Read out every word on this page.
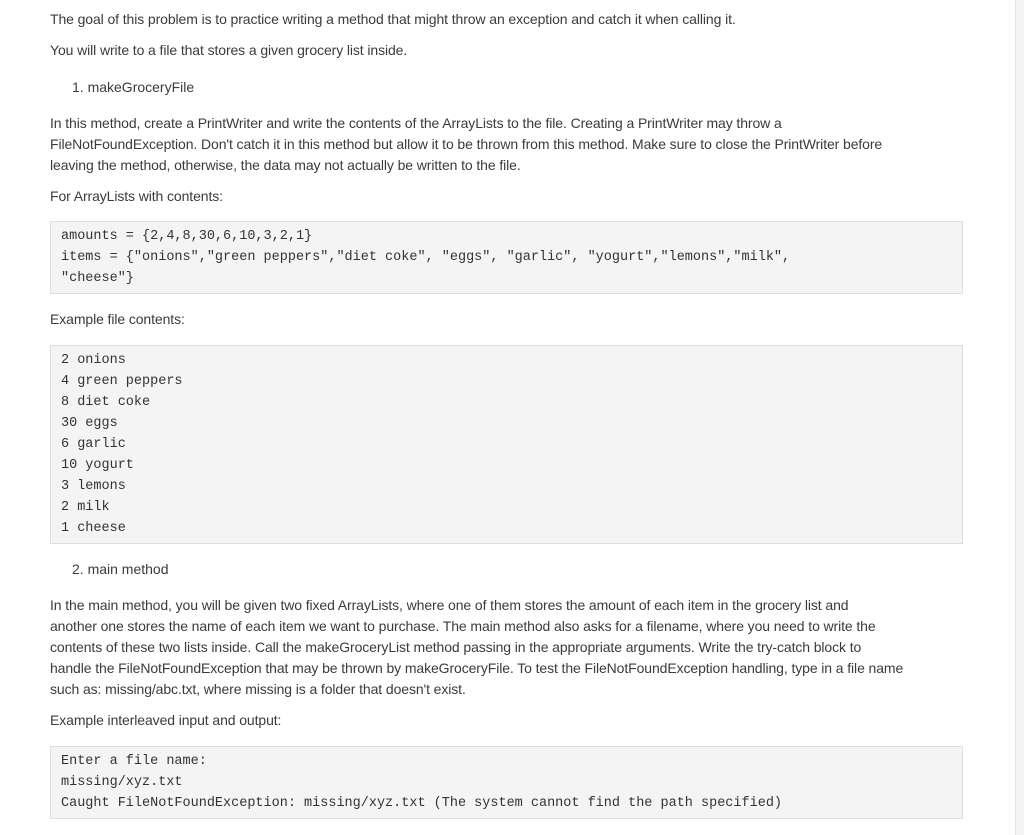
The goal of this problem is to practice writing a method that might throw an exception and catch it when calling it.

You will write to a file that stores a given grocery list inside.

1. makeGroceryFile

In this method, create a PrintWriter and write the contents of the ArrayLists to the file. Creating a PrintWriter may throw a

FileNotFoundException. Don't catch it in this method but allow it to be thrown from this method. Make sure to close the PrintWriter before

leaving the method, otherwise, the data may not actually be written to the file.

For ArrayLists with contents:

amounts = {2,4,8,30,6,10,3,2,1}
items = {"onions","green peppers","diet coke", "eggs", "garlic", "yogurt","lemons","milk",
"cheese"}

Example file contents:

2 onions
4 green peppers
8 diet coke
30 eggs
6 garlic
10 yogurt
3 lemons
2 milk
1 cheese

2. main method

In the main method, you will be given two fixed ArrayLists, where one of them stores the amount of each item in the grocery list and

another one stores the name of each item we want to purchase. The main method also asks for a filename, where you need to write the

contents of these two lists inside. Call the makeGroceryList method passing in the appropriate arguments. Write the try-catch block to

handle the FileNotFoundException that may be thrown by makeGroceryFile. To test the FileNotFoundException handling, type in a file name

such as: missing/abc.txt, where missing is a folder that doesn't exist.

Example interleaved input and output:

Enter a file name:
missing/xyz.txt
Caught FileNotFoundException: missing/xyz.txt (The system cannot find the path specified)
